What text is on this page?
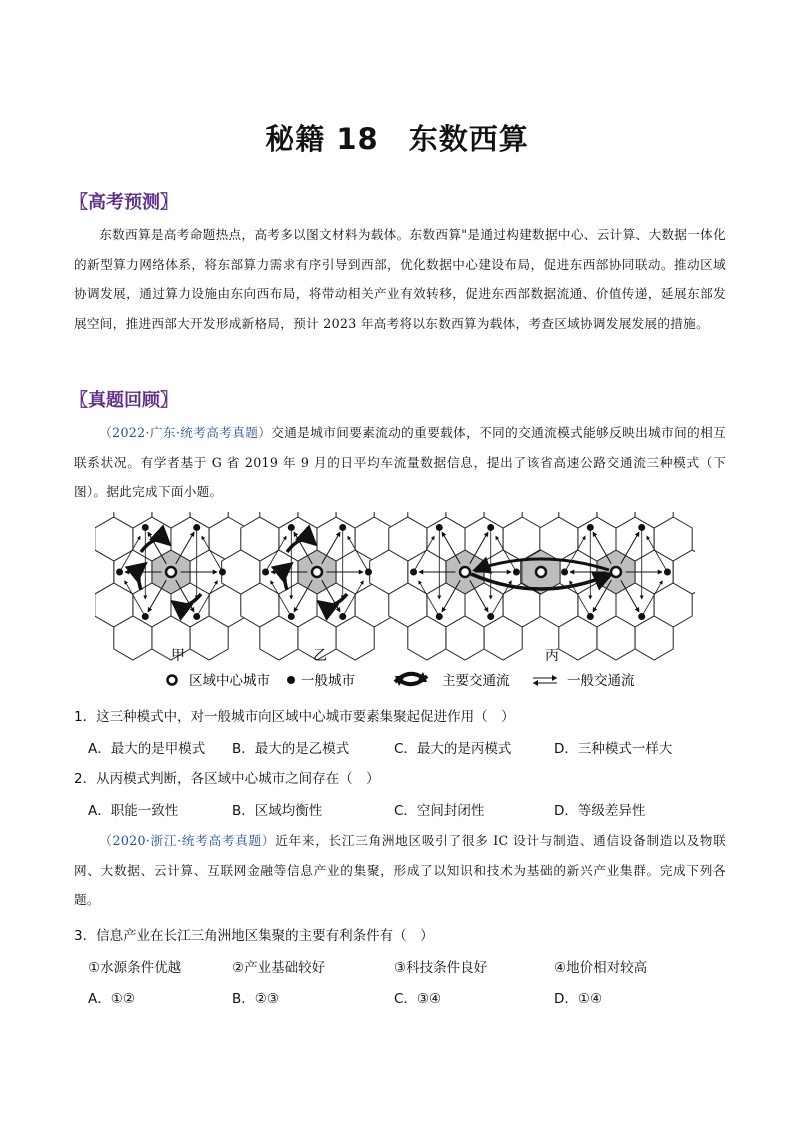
秘籍 18　东数西算
〖高考预测〗
东数西算是高考命题热点，高考多以图文材料为载体。东数西算"是通过构建数据中心、云计算、大数据一体化的新型算力网络体系，将东部算力需求有序引导到西部，优化数据中心建设布局，促进东西部协同联动。推动区域协调发展，通过算力设施由东向西布局，将带动相关产业有效转移，促进东西部数据流通、价值传递，延展东部发展空间，推进西部大开发形成新格局，预计 2023 年高考将以东数西算为载体，考查区域协调发展发展的措施。
〖真题回顾〗
（2022·广东·统考高考真题）交通是城市间要素流动的重要载体，不同的交通流模式能够反映出城市间的相互联系状况。有学者基于 G 省 2019 年 9 月的日平均车流量数据信息，提出了该省高速公路交通流三种模式（下图）。据此完成下面小题。
甲	乙	丙
区域中心城市 一般城市	主要交通流	一般交通流
1．这三种模式中，对一般城市向区域中心城市要素集聚起促进作用（　）
A．最大的是甲模式 B．最大的是乙模式	C．最大的是丙模式	D．三种模式一样大
2．从丙模式判断，各区域中心城市之间存在（　）
A．职能一致性	B．区域均衡性	C．空间封闭性	D．等级差异性
（2020·浙江·统考高考真题）近年来，长江三角洲地区吸引了很多 IC 设计与制造、通信设备制造以及物联网、大数据、云计算、互联网金融等信息产业的集聚，形成了以知识和技术为基础的新兴产业集群。完成下列各题。
3．信息产业在长江三角洲地区集聚的主要有利条件有（　）
①水源条件优越	②产业基础较好	③科技条件良好	④地价相对较高
A．①②	B．②③	C．③④	D．①④
